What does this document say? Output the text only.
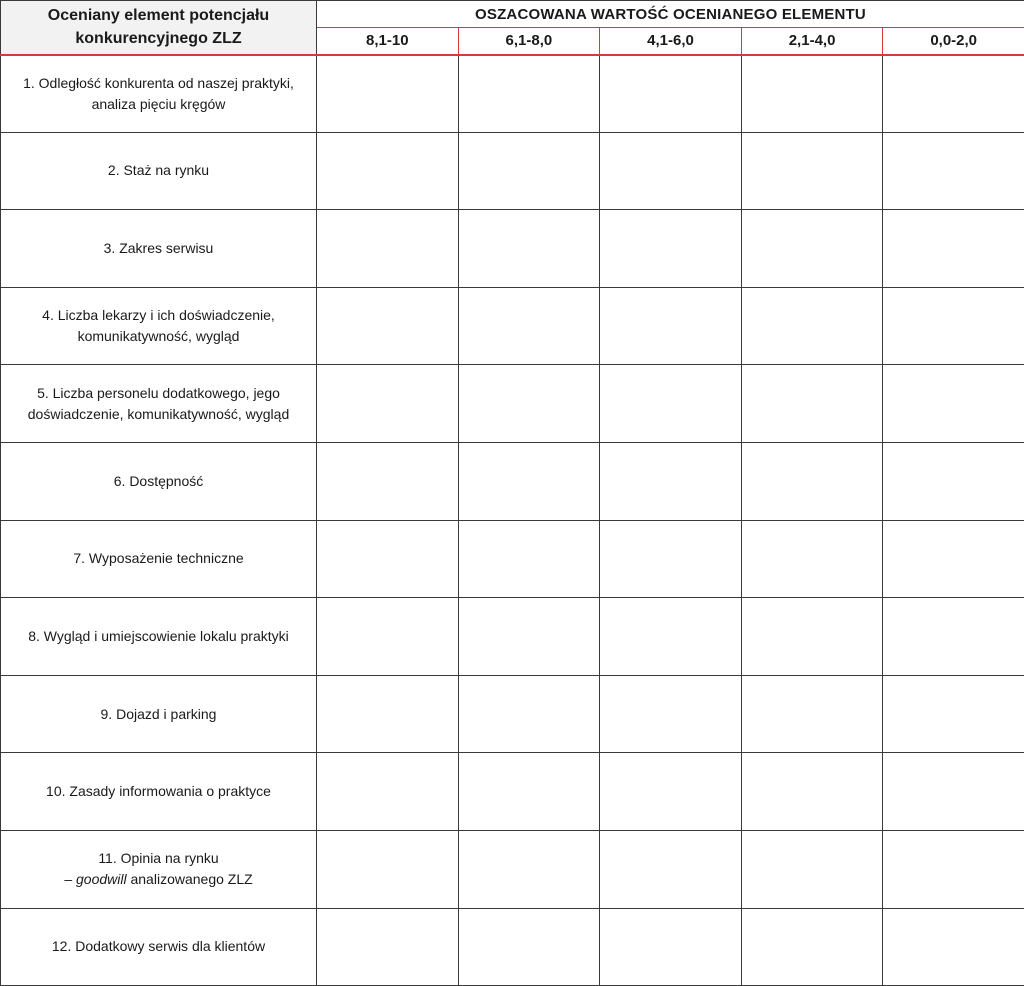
Oceniany element potencjału
konkurencyjnego ZLZ	OSZACOWANA WARTOŚĆ OCENIANEGO ELEMENTU				
	8,1-10	6,1-8,0	4,1-6,0	2,1-4,0	0,0-2,0
1. Odległość konkurenta od naszej praktyki,
analiza pięciu kręgów					
2. Staż na rynku					
3. Zakres serwisu					
4. Liczba lekarzy i ich doświadczenie,
komunikatywność, wygląd					
5. Liczba personelu dodatkowego, jego
doświadczenie, komunikatywność, wygląd					
6. Dostępność					
7. Wyposażenie techniczne					
8. Wygląd i umiejscowienie lokalu praktyki					
9. Dojazd i parking					
10. Zasady informowania o praktyce					
11. Opinia na rynku
– goodwill analizowanego ZLZ					
12. Dodatkowy serwis dla klientów					
